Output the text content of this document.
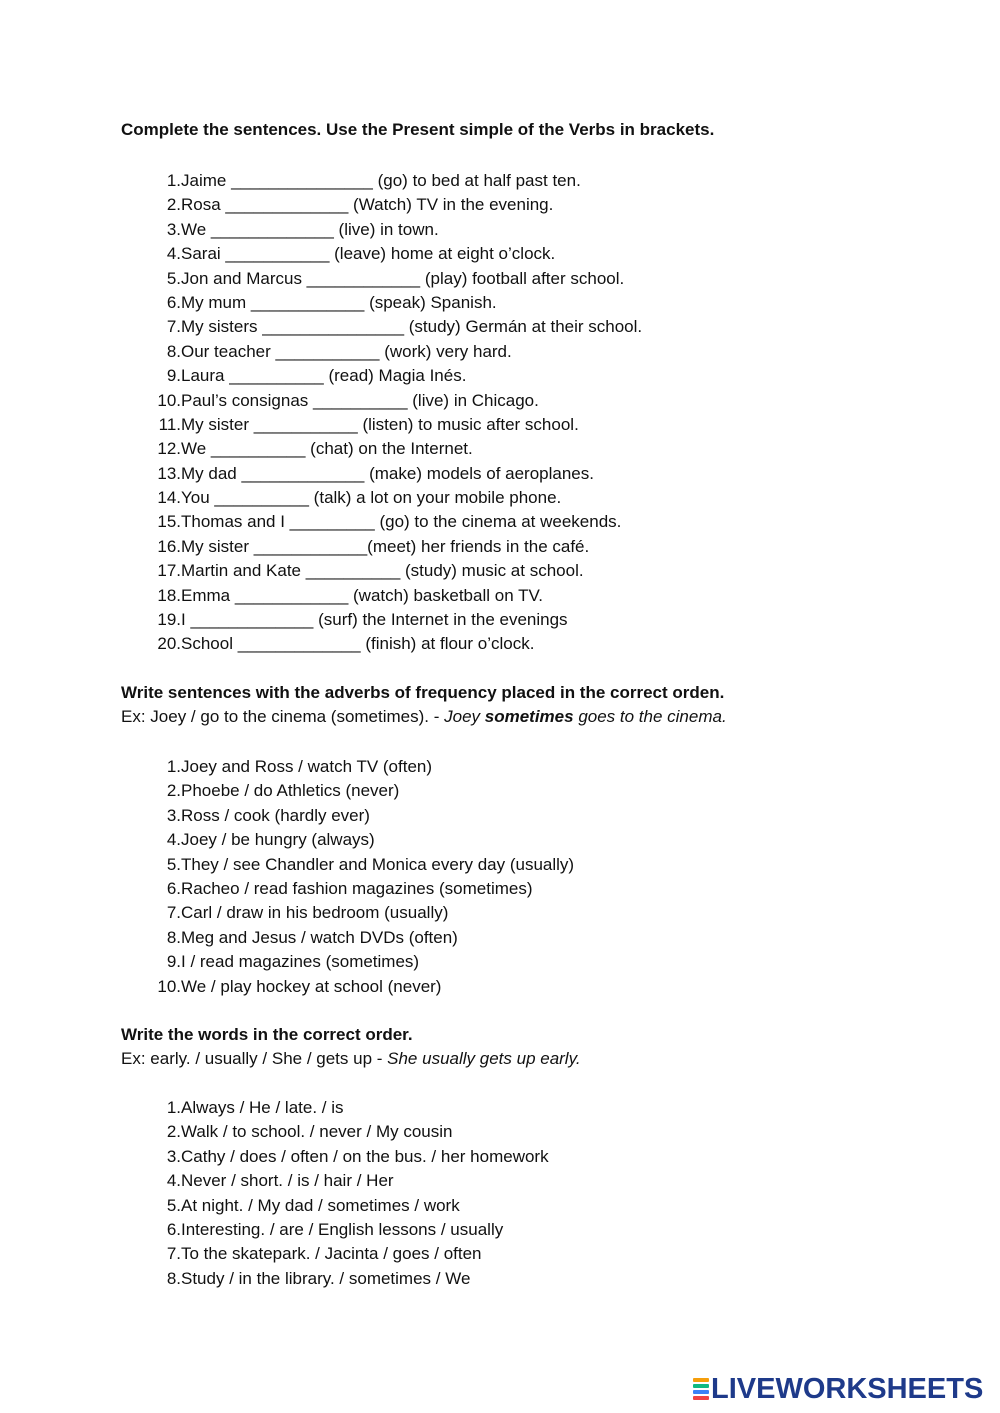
Complete the sentences. Use the Present simple of the Verbs in brackets.

1. Jaime _______________ (go) to bed at half past ten.
2. Rosa _____________ (Watch) TV in the evening.
3. We _____________ (live) in town.
4. Sarai ___________ (leave) home at eight o’clock.
5. Jon and Marcus ____________ (play) football after school.
6. My mum ____________ (speak) Spanish.
7. My sisters _______________ (study) Germán at their school.
8. Our teacher ___________ (work) very hard.
9. Laura __________ (read) Magia Inés.
10. Paul’s consignas __________ (live) in Chicago.
11. My sister ___________ (listen) to music after school.
12. We __________ (chat) on the Internet.
13. My dad _____________ (make) models of aeroplanes.
14. You __________ (talk) a lot on your mobile phone.
15. Thomas and I _________ (go) to the cinema at weekends.
16. My sister ____________(meet) her friends in the café.
17. Martin and Kate __________ (study) music at school.
18. Emma ____________ (watch) basketball on TV.
19. I _____________ (surf) the Internet in the evenings
20. School _____________ (finish) at flour o’clock.

Write sentences with the adverbs of frequency placed in the correct orden.

Ex: Joey / go to the cinema (sometimes). - Joey sometimes goes to the cinema.

1. Joey and Ross / watch TV (often)
2. Phoebe / do Athletics (never)
3. Ross / cook (hardly ever)
4. Joey / be hungry (always)
5. They / see Chandler and Monica every day (usually)
6. Racheo / read fashion magazines (sometimes)
7. Carl / draw in his bedroom (usually)
8. Meg and Jesus / watch DVDs (often)
9. I / read magazines (sometimes)
10. We / play hockey at school (never)

Write the words in the correct order.

Ex: early. / usually / She / gets up - She usually gets up early.

1. Always / He / late. / is
2. Walk / to school. / never / My cousin
3. Cathy / does / often / on the bus. / her homework
4. Never / short. / is / hair / Her
5. At night. / My dad / sometimes / work
6. Interesting. / are / English lessons / usually
7. To the skatepark. / Jacinta / goes / often
8. Study / in the library. / sometimes / We
LIVEWORKSHEETS
